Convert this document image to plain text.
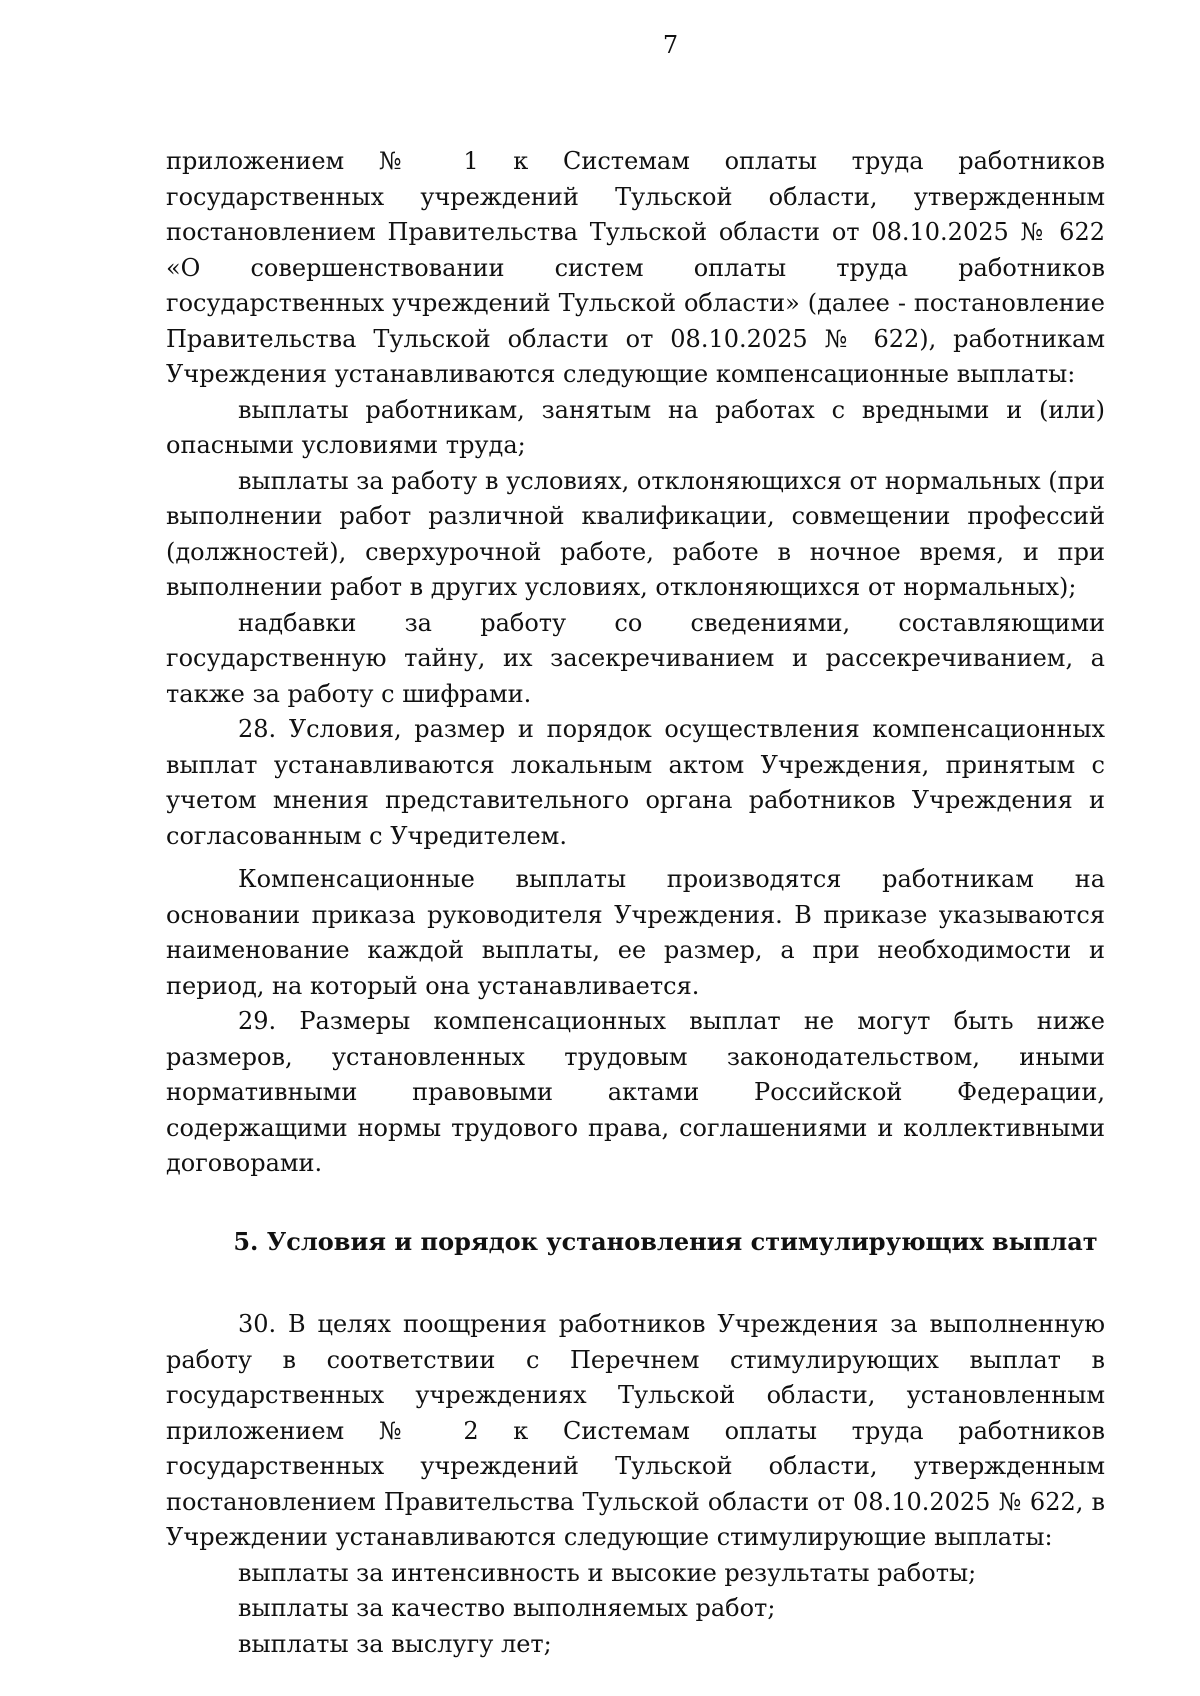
7

приложением № 1 к Системам оплаты труда работников государственных учреждений Тульской области, утвержденным постановлением Правительства Тульской области от 08.10.2025 № 622 «О совершенствовании систем оплаты труда работников государственных учреждений Тульской области» (далее - постановление Правительства Тульской области от 08.10.2025 № 622), работникам Учреждения устанавливаются следующие компенсационные выплаты:

выплаты работникам, занятым на работах с вредными и (или) опасными условиями труда;

выплаты за работу в условиях, отклоняющихся от нормальных (при выполнении работ различной квалификации, совмещении профессий (должностей), сверхурочной работе, работе в ночное время, и при выполнении работ в других условиях, отклоняющихся от нормальных);

надбавки за работу со сведениями, составляющими государственную тайну, их засекречиванием и рассекречиванием, а также за работу с шифрами.

28. Условия, размер и порядок осуществления компенсационных выплат устанавливаются локальным актом Учреждения, принятым с учетом мнения представительного органа работников Учреждения и согласованным с Учредителем.

Компенсационные выплаты производятся работникам на основании приказа руководителя Учреждения. В приказе указываются наименование каждой выплаты, ее размер, а при необходимости и период, на который она устанавливается.

29. Размеры компенсационных выплат не могут быть ниже размеров, установленных трудовым законодательством, иными нормативными правовыми актами Российской Федерации, содержащими нормы трудового права, соглашениями и коллективными договорами.

5. Условия и порядок установления стимулирующих выплат

30. В целях поощрения работников Учреждения за выполненную работу в соответствии с Перечнем стимулирующих выплат в государственных учреждениях Тульской области, установленным приложением № 2 к Системам оплаты труда работников государственных учреждений Тульской области, утвержденным постановлением Правительства Тульской области от 08.10.2025 № 622, в Учреждении устанавливаются следующие стимулирующие выплаты:

выплаты за интенсивность и высокие результаты работы;

выплаты за качество выполняемых работ;

выплаты за выслугу лет;
